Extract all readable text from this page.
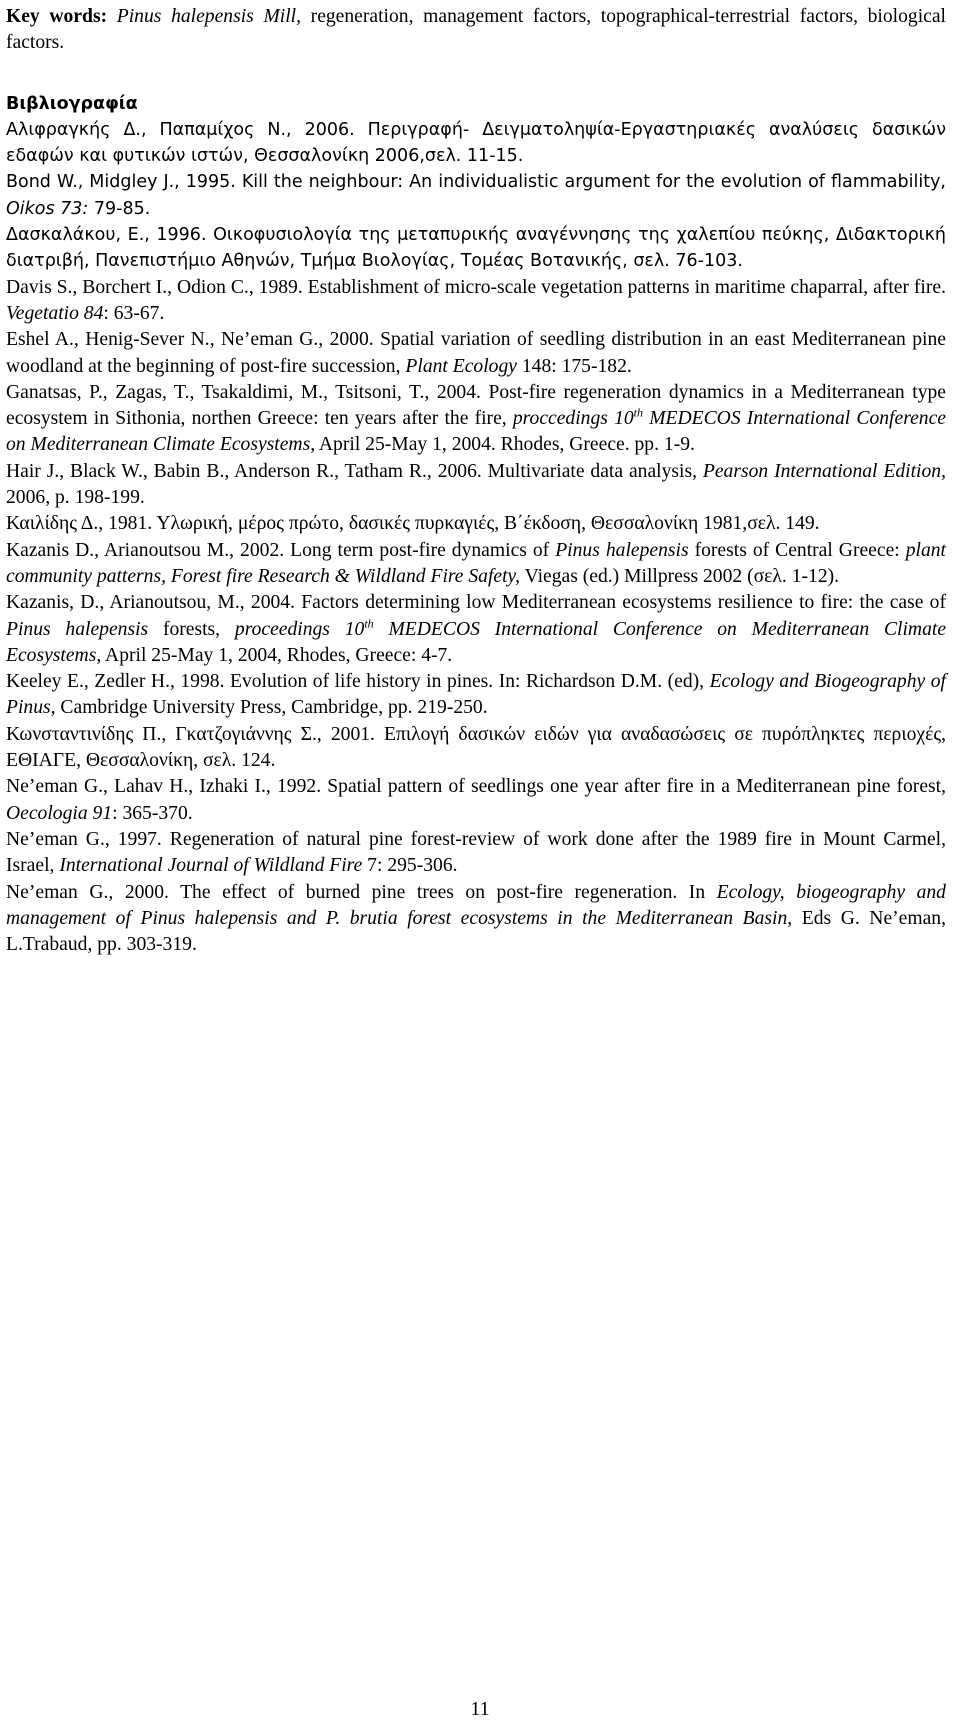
Key words: Pinus halepensis Mill, regeneration, management factors, topographical-terrestrial factors, biological factors.

Βιβλιογραφία

Αλιφραγκής Δ., Παπαμίχος Ν., 2006. Περιγραφή- Δειγματοληψία-Εργαστηριακές αναλύσεις δασικών εδαφών και φυτικών ιστών, Θεσσαλονίκη 2006,σελ. 11-15.

Bond W., Midgley J., 1995. Kill the neighbour: An individualistic argument for the evolution of flammability, Oikos 73: 79-85.

Δασκαλάκου, Ε., 1996. Οικοφυσιολογία της μεταπυρικής αναγέννησης της χαλεπίου πεύκης, Διδακτορική διατριβή, Πανεπιστήμιο Αθηνών, Τμήμα Βιολογίας, Τομέας Βοτανικής, σελ. 76-103.

Davis S., Borchert I., Odion C., 1989. Establishment of micro-scale vegetation patterns in maritime chaparral, after fire. Vegetatio 84: 63-67.

Eshel A., Henig-Sever N., Ne’eman G., 2000. Spatial variation of seedling distribution in an east Mediterranean pine woodland at the beginning of post-fire succession, Plant Ecology 148: 175-182.

Ganatsas, P., Zagas, T., Tsakaldimi, M., Tsitsoni, T., 2004. Post-fire regeneration dynamics in a Mediterranean type ecosystem in Sithonia, northen Greece: ten years after the fire, proccedings 10th MEDECOS International Conference on Mediterranean Climate Ecosystems, April 25-May 1, 2004. Rhodes, Greece. pp. 1-9.

Hair J., Black W., Babin B., Anderson R., Tatham R., 2006. Multivariate data analysis, Pearson International Edition, 2006, p. 198-199.

Καιλίδης Δ., 1981. Υλωρική, μέρος πρώτο, δασικές πυρκαγιές, Β΄έκδοση, Θεσσαλονίκη 1981,σελ. 149.

Kazanis D., Arianoutsou M., 2002. Long term post-fire dynamics of Pinus halepensis forests of Central Greece: plant community patterns, Forest fire Research & Wildland Fire Safety, Viegas (ed.) Millpress 2002 (σελ. 1-12).

Kazanis, D., Arianoutsou, M., 2004. Factors determining low Mediterranean ecosystems resilience to fire: the case of Pinus halepensis forests, proceedings 10th MEDECOS International Conference on Mediterranean Climate Ecosystems, April 25-May 1, 2004, Rhodes, Greece: 4-7.

Keeley E., Zedler H., 1998. Evolution of life history in pines. In: Richardson D.M. (ed), Ecology and Biogeography of Pinus, Cambridge University Press, Cambridge, pp. 219-250.

Κωνσταντινίδης Π., Γκατζογιάννης Σ., 2001. Επιλογή δασικών ειδών για αναδασώσεις σε πυρόπληκτες περιοχές, ΕΘΙΑΓΕ, Θεσσαλονίκη, σελ. 124.

Ne’eman G., Lahav H., Izhaki I., 1992. Spatial pattern of seedlings one year after fire in a Mediterranean pine forest, Oecologia 91: 365-370.

Ne’eman G., 1997. Regeneration of natural pine forest-review of work done after the 1989 fire in Mount Carmel, Israel, International Journal of Wildland Fire 7: 295-306.

Ne’eman G., 2000. The effect of burned pine trees on post-fire regeneration. In Ecology, biogeography and management of Pinus halepensis and P. brutia forest ecosystems in the Mediterranean Basin, Eds G. Ne’eman, L.Trabaud, pp. 303-319.

11
